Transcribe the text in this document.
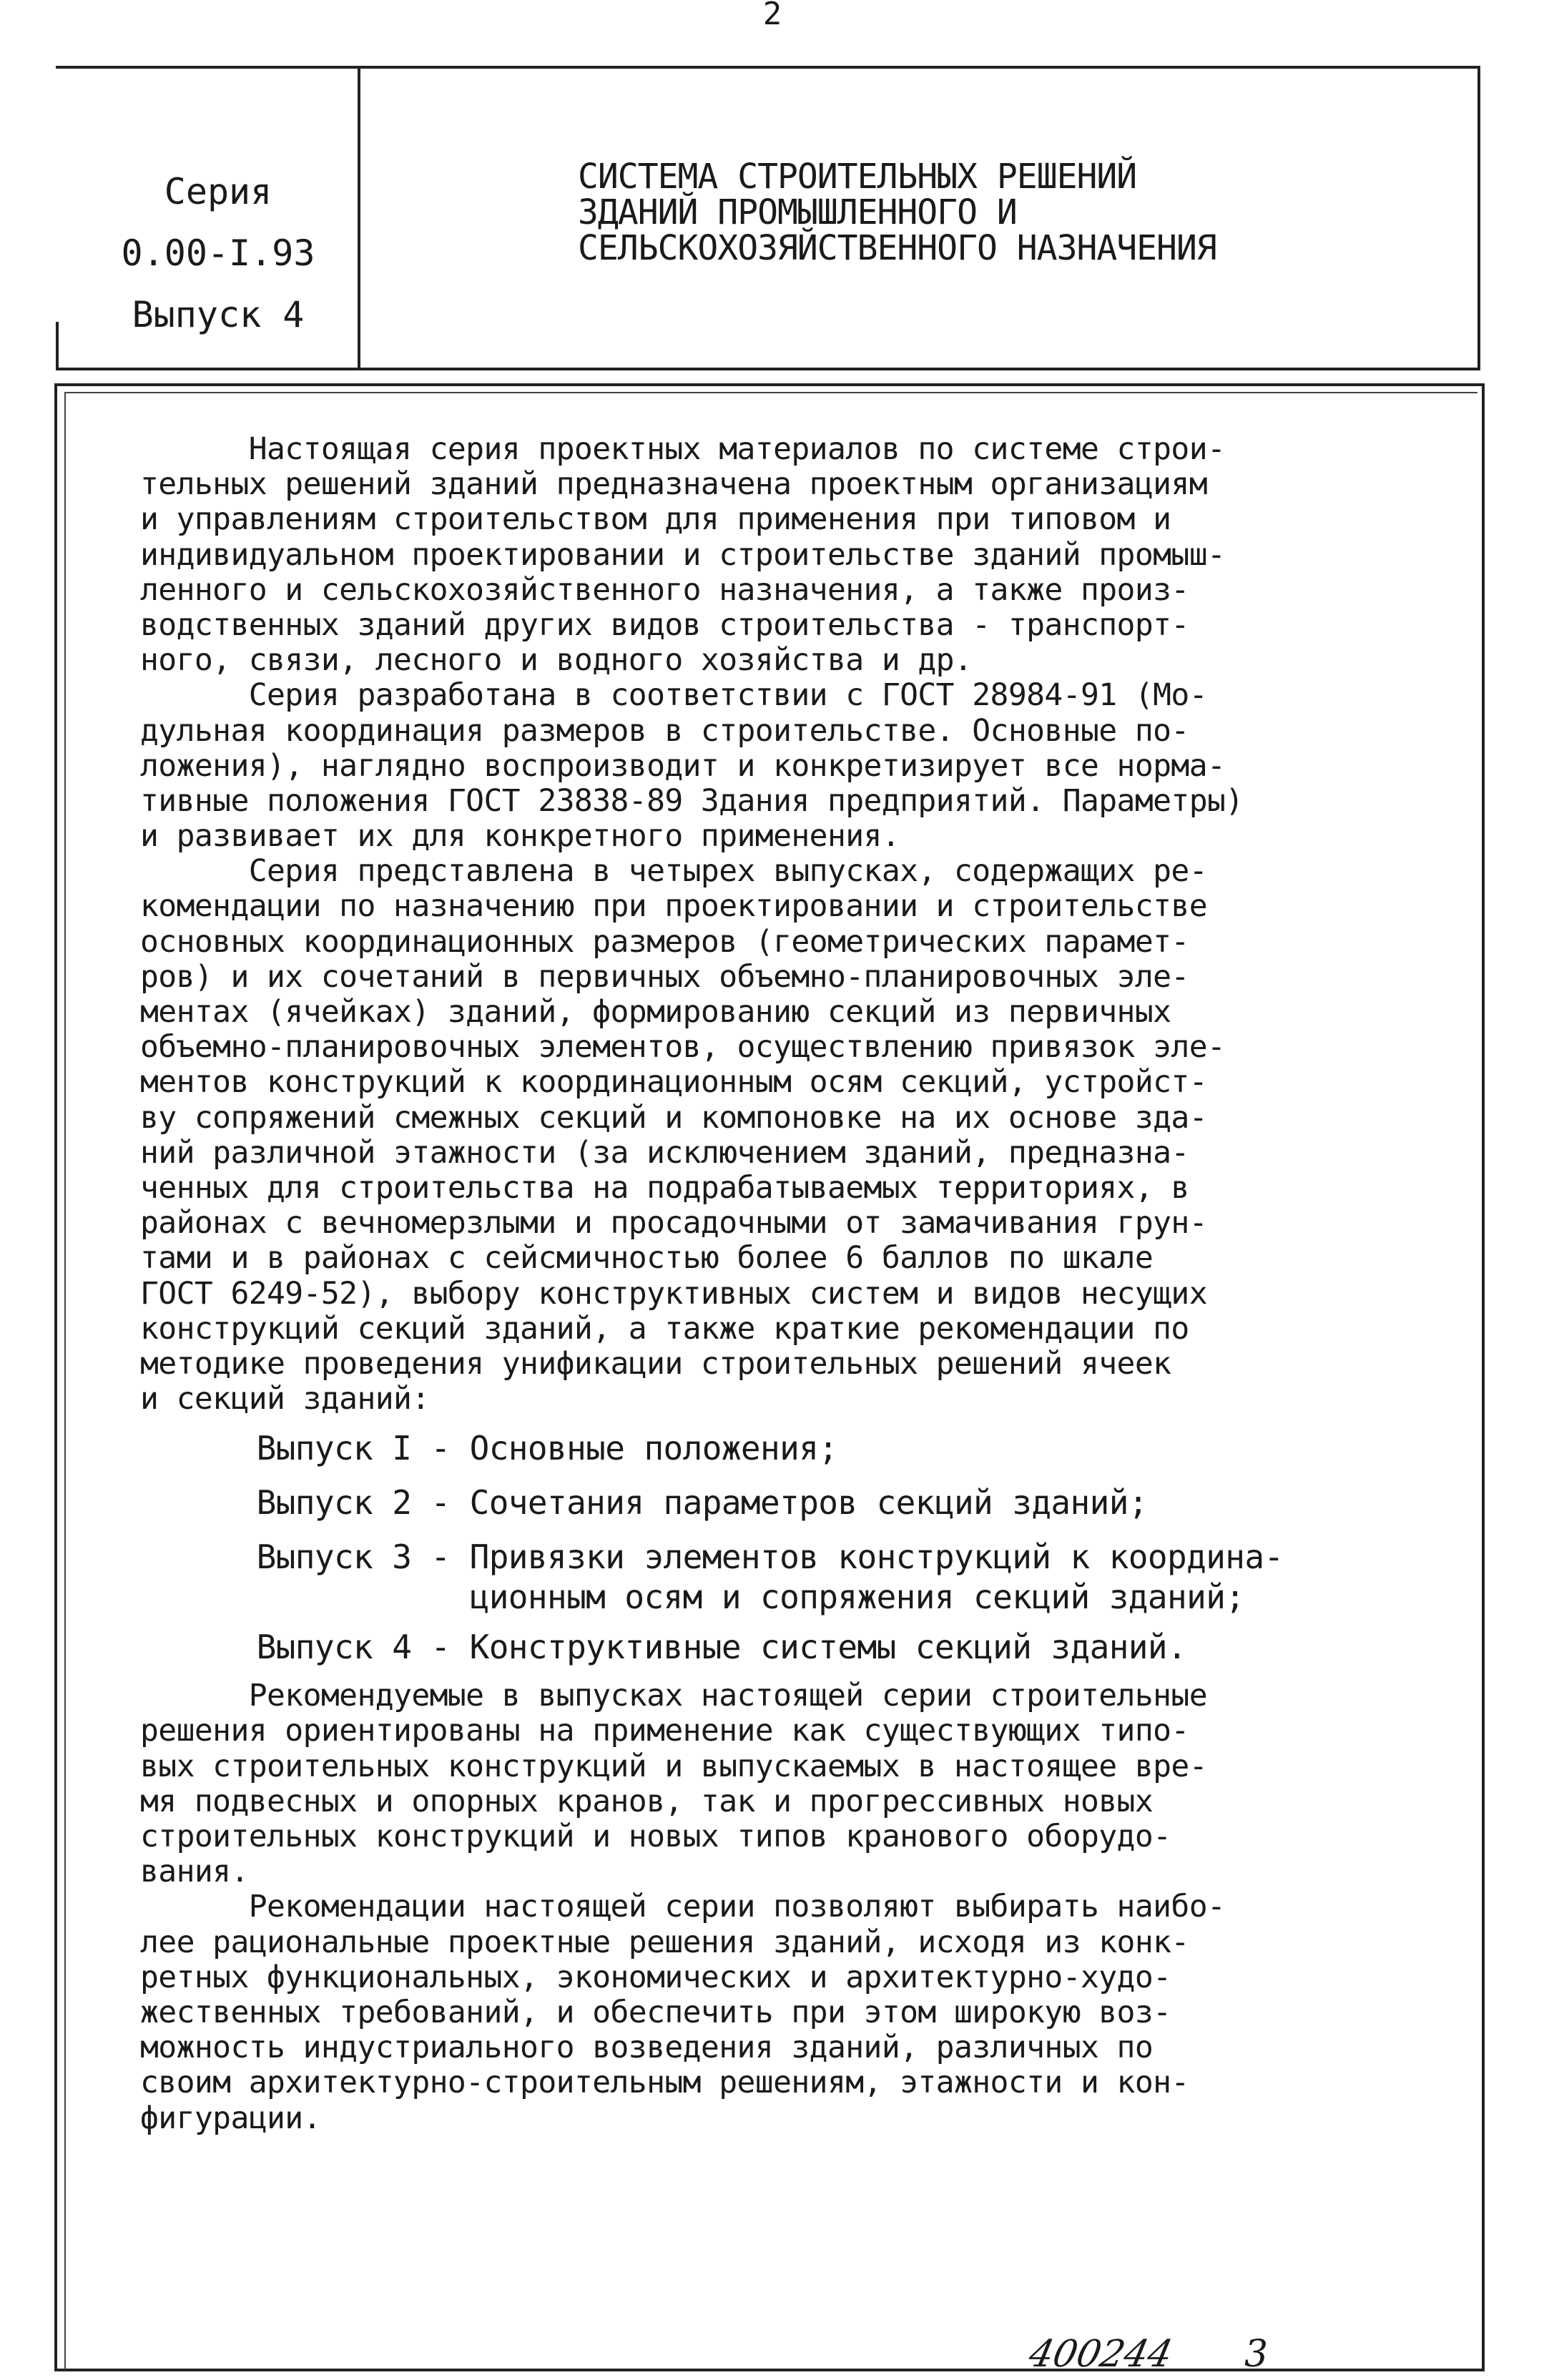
2
Серия
0.00-I.93
Выпуск 4
СИСТЕМА СТРОИТЕЛЬНЫХ РЕШЕНИЙ
ЗДАНИЙ ПРОМЫШЛЕННОГО И
СЕЛЬСКОХОЗЯЙСТВЕННОГО НАЗНАЧЕНИЯ
Настоящая серия проектных материалов по системе строи-
тельных решений зданий предназначена проектным организациям
и управлениям строительством для применения при типовом и
индивидуальном проектировании и строительстве зданий промыш-
ленного и сельскохозяйственного назначения, а также произ-
водственных зданий других видов строительства - транспорт-
ного, связи, лесного и водного хозяйства и др.
Серия разработана в соответствии с ГОСТ 28984-91 (Мо-
дульная координация размеров в строительстве. Основные по-
ложения), наглядно воспроизводит и конкретизирует все норма-
тивные положения ГОСТ 23838-89 Здания предприятий. Параметры)
и развивает их для конкретного применения.
Серия представлена в четырех выпусках, содержащих ре-
комендации по назначению при проектировании и строительстве
основных координационных размеров (геометрических парамет-
ров) и их сочетаний в первичных объемно-планировочных эле-
ментах (ячейках) зданий, формированию секций из первичных
объемно-планировочных элементов, осуществлению привязок эле-
ментов конструкций к координационным осям секций, устройст-
ву сопряжений смежных секций и компоновке на их основе зда-
ний различной этажности (за исключением зданий, предназна-
ченных для строительства на подрабатываемых территориях, в
районах с вечномерзлыми и просадочными от замачивания грун-
тами и в районах с сейсмичностью более 6 баллов по шкале
ГОСТ 6249-52), выбору конструктивных систем и видов несущих
конструкций секций зданий, а также краткие рекомендации по
методике проведения унификации строительных решений ячеек
и секций зданий:
Выпуск I - Основные положения;
Выпуск 2 - Сочетания параметров секций зданий;
Выпуск 3 - Привязки элементов конструкций к координа-
ционным осям и сопряжения секций зданий;
Выпуск 4 - Конструктивные системы секций зданий.
Рекомендуемые в выпусках настоящей серии строительные
решения ориентированы на применение как существующих типо-
вых строительных конструкций и выпускаемых в настоящее вре-
мя подвесных и опорных кранов, так и прогрессивных новых
строительных конструкций и новых типов кранового оборудо-
вания.
Рекомендации настоящей серии позволяют выбирать наибо-
лее рациональные проектные решения зданий, исходя из конк-
ретных функциональных, экономических и архитектурно-худо-
жественных требований, и обеспечить при этом широкую воз-
можность индустриального возведения зданий, различных по
своим архитектурно-строительным решениям, этажности и кон-
фигурации.
400244	3
